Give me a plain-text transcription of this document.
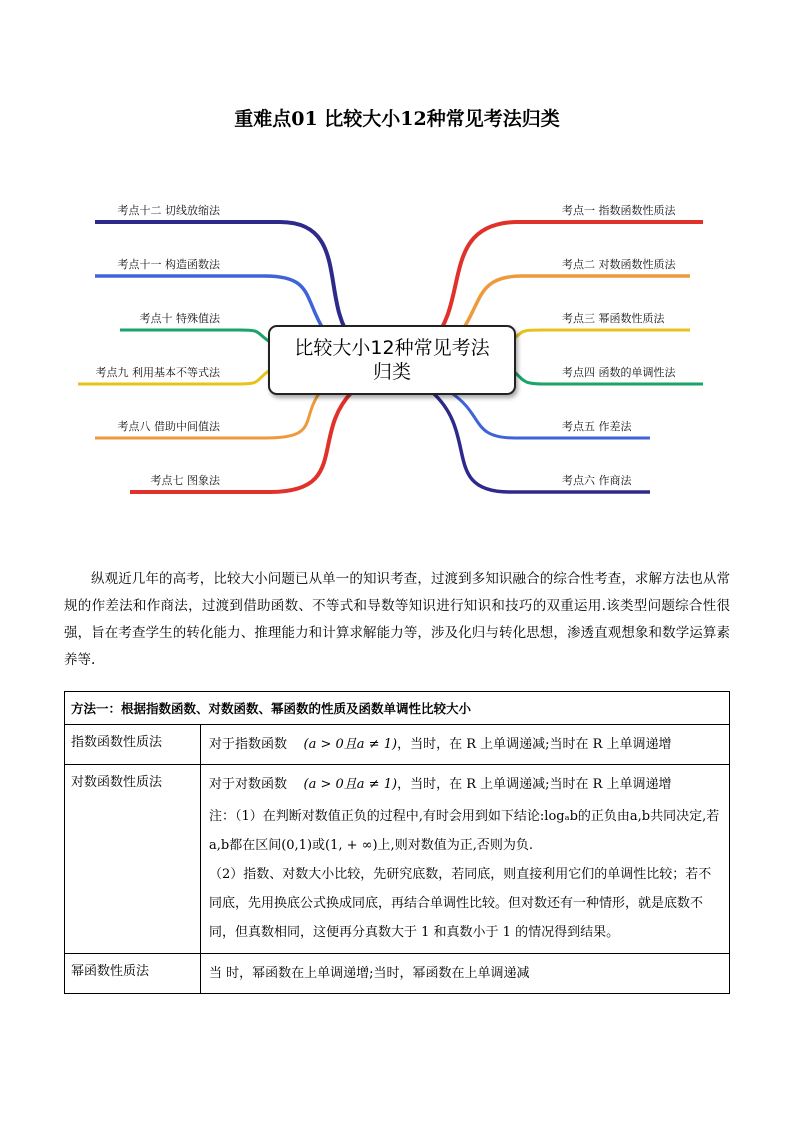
重难点01 比较大小12种常见考法归类
比较大小12种常见考法归类
考点一 指数函数性质法
考点二 对数函数性质法
考点三 幂函数性质法
考点四 函数的单调性法
考点五 作差法
考点六 作商法
考点十二 切线放缩法
考点十一 构造函数法
考点十 特殊值法
考点九 利用基本不等式法
考点八 借助中间值法
考点七 图象法
纵观近几年的高考，比较大小问题已从单一的知识考查，过渡到多知识融合的综合性考查，求解方法也从常规的作差法和作商法，过渡到借助函数、不等式和导数等知识进行知识和技巧的双重运用.该类型问题综合性很强，旨在考查学生的转化能力、推理能力和计算求解能力等，涉及化归与转化思想，渗透直观想象和数学运算素养等.
方法一：根据指数函数、对数函数、幂函数的性质及函数单调性比较大小	
指数函数性质法	对于指数函数 (a > 0且a ≠ 1)，当时，在 R 上单调递减;当时在 R 上单调递增
对数函数性质法	对于对数函数 (a > 0且a ≠ 1)，当时，在 R 上单调递减;当时在 R 上单调递增

注：（1）在判断对数值正负的过程中,有时会用到如下结论:logₐb的正负由a,b共同决定,若a,b都在区间(0,1)或(1, + ∞)上,则对数值为正,否则为负.

（2）指数、对数大小比较，先研究底数，若同底，则直接利用它们的单调性比较；若不同底，先用换底公式换成同底，再结合单调性比较。但对数还有一种情形，就是底数不同，但真数相同，这便再分真数大于 1 和真数小于 1 的情况得到结果。

幂函数性质法	当 时，幂函数在上单调递增;当时，幂函数在上单调递减
